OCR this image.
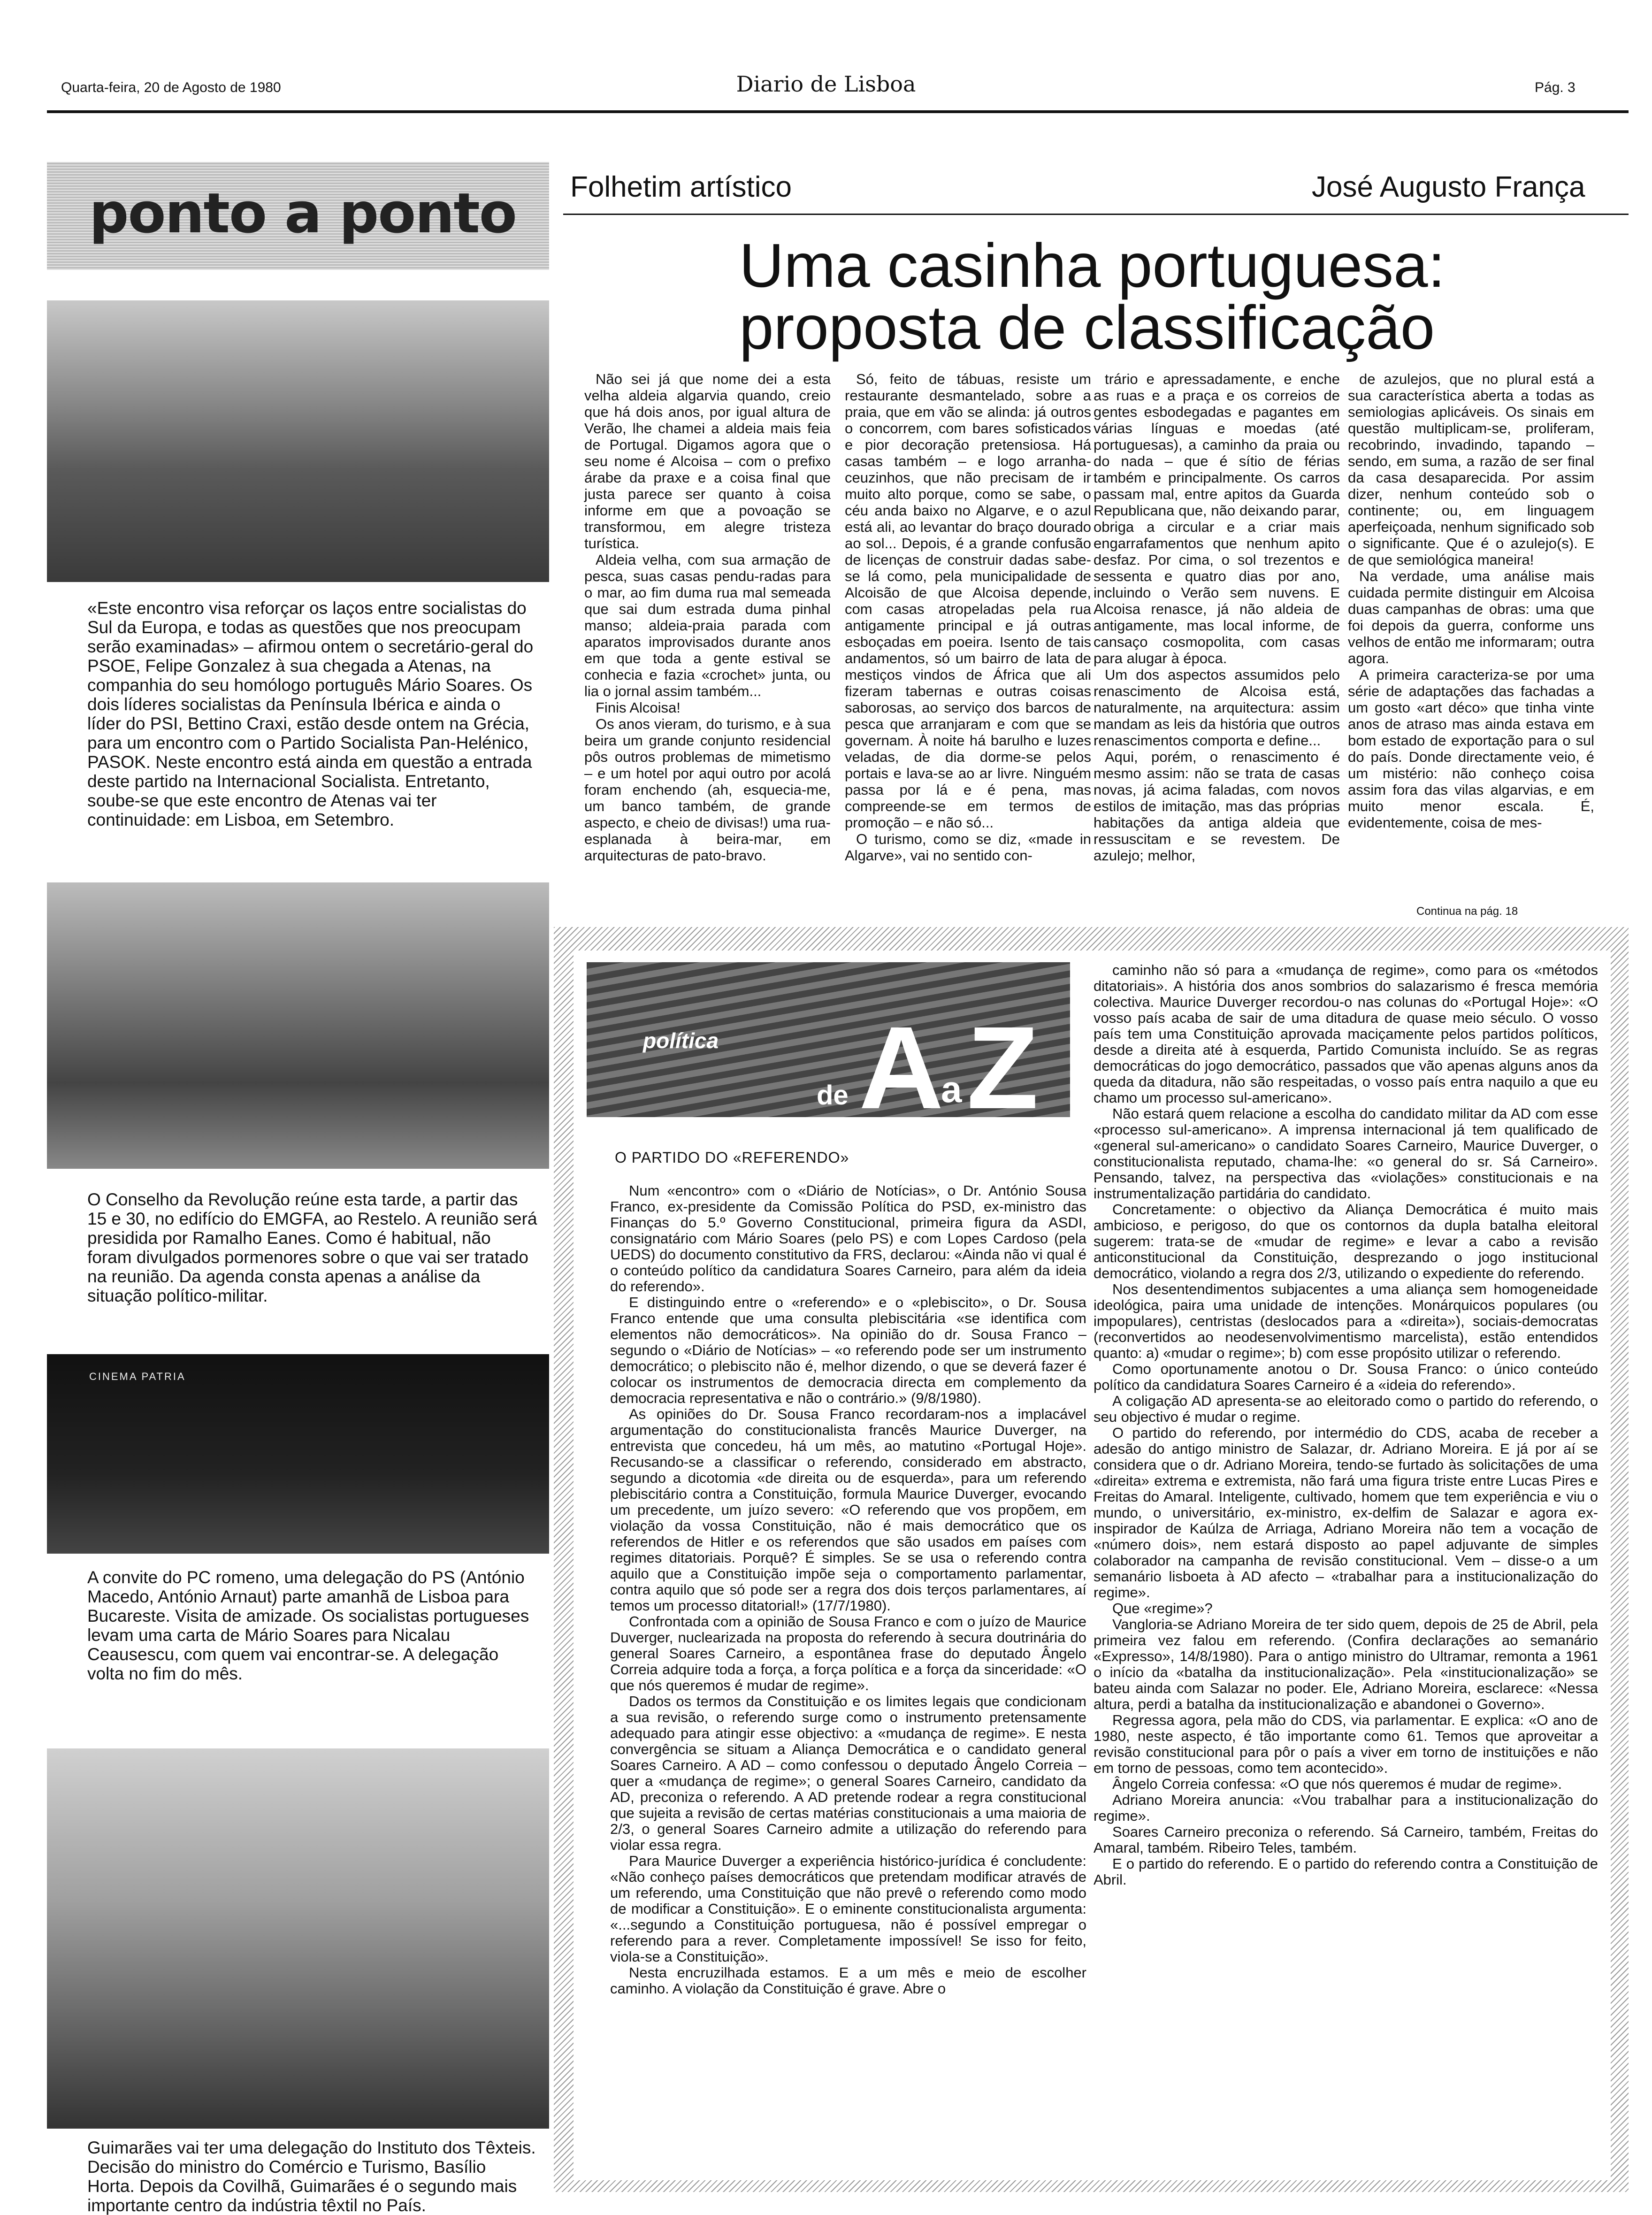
Quarta-feira, 20 de Agosto de 1980	Diario de Lisboa	Pág. 3
ponto a ponto
«Este encontro visa reforçar os laços entre socialistas do Sul da Europa, e todas as questões que nos preocupam serão examinadas» – afirmou ontem o secretário-geral do PSOE, Felipe Gonzalez à sua chegada a Atenas, na companhia do seu homólogo português Mário Soares. Os dois líderes socialistas da Península Ibérica e ainda o líder do PSI, Bettino Craxi, estão desde ontem na Grécia, para um encontro com o Partido Socialista Pan-Helénico, PASOK. Neste encontro está ainda em questão a entrada deste partido na Internacional Socialista. Entretanto, soube-se que este encontro de Atenas vai ter continuidade: em Lisboa, em Setembro.
O Conselho da Revolução reúne esta tarde, a partir das 15 e 30, no edifício do EMGFA, ao Restelo. A reunião será presidida por Ramalho Eanes. Como é habitual, não foram divulgados pormenores sobre o que vai ser tratado na reunião. Da agenda consta apenas a análise da situação político-militar.
CINEMA PATRIA
A convite do PC romeno, uma delegação do PS (António Macedo, António Arnaut) parte amanhã de Lisboa para Bucareste. Visita de amizade. Os socialistas portugueses levam uma carta de Mário Soares para Nicalau Ceausescu, com quem vai encontrar-se. A delegação volta no fim do mês.
Guimarães vai ter uma delegação do Instituto dos Têxteis. Decisão do ministro do Comércio e Turismo, Basílio Horta. Depois da Covilhã, Guimarães é o segundo mais importante centro da indústria têxtil no País.
Folhetim artístico	José Augusto França
Uma casinha portuguesa: proposta de classificação

Não sei já que nome dei a esta velha aldeia algarvia quando, creio que há dois anos, por igual altura de Verão, lhe chamei a aldeia mais feia de Portugal. Digamos agora que o seu nome é Alcoisa – com o prefixo árabe da praxe e a coisa final que justa parece ser quanto à coisa informe em que a povoação se transformou, em alegre tristeza turística.

Aldeia velha, com sua armação de pesca, suas casas pendu-radas para o mar, ao fim duma rua mal semeada que sai dum estrada duma pinhal manso; aldeia-praia parada com aparatos improvisados durante anos em que toda a gente estival se conhecia e fazia «crochet» junta, ou lia o jornal assim também...

Finis Alcoisa!

Os anos vieram, do turismo, e à sua beira um grande conjunto residencial pôs outros problemas de mimetismo – e um hotel por aqui outro por acolá foram enchendo (ah, esquecia-me, um banco também, de grande aspecto, e cheio de divisas!) uma rua-esplanada à beira-mar, em arquitecturas de pato-bravo.

Só, feito de tábuas, resiste um restaurante desmantelado, sobre a praia, que em vão se alinda: já outros o concorrem, com bares sofisticados e pior decoração pretensiosa. Há casas também – e logo arranha-ceuzinhos, que não precisam de ir muito alto porque, como se sabe, o céu anda baixo no Algarve, e o azul está ali, ao levantar do braço dourado ao sol... Depois, é a grande confusão de licenças de construir dadas sabe-se lá como, pela municipalidade de Alcoisão de que Alcoisa depende, com casas atropeladas pela rua antigamente principal e já outras esboçadas em poeira. Isento de tais andamentos, só um bairro de lata de mestiços vindos de África que ali fizeram tabernas e outras coisas saborosas, ao serviço dos barcos de pesca que arranjaram e com que se governam. À noite há barulho e luzes veladas, de dia dorme-se pelos portais e lava-se ao ar livre. Ninguém passa por lá e é pena, mas compreende-se em termos de promoção – e não só...

O turismo, como se diz, «made in Algarve», vai no sentido con-

trário e apressadamente, e enche as ruas e a praça e os correios de gentes esbodegadas e pagantes em várias línguas e moedas (até portuguesas), a caminho da praia ou do nada – que é sítio de férias também e principalmente. Os carros passam mal, entre apitos da Guarda Republicana que, não deixando parar, obriga a circular e a criar mais engarrafamentos que nenhum apito desfaz. Por cima, o sol trezentos e sessenta e quatro dias por ano, incluindo o Verão sem nuvens. E Alcoisa renasce, já não aldeia de antigamente, mas local informe, de cansaço cosmopolita, com casas para alugar à época.

Um dos aspectos assumidos pelo renascimento de Alcoisa está, naturalmente, na arquitectura: assim mandam as leis da história que outros renascimentos comporta e define...

Aqui, porém, o renascimento é mesmo assim: não se trata de casas novas, já acima faladas, com novos estilos de imitação, mas das próprias habitações da antiga aldeia que ressuscitam e se revestem. De azulejo; melhor,

de azulejos, que no plural está a sua característica aberta a todas as semiologias aplicáveis. Os sinais em questão multiplicam-se, proliferam, recobrindo, invadindo, tapando – sendo, em suma, a razão de ser final da casa desaparecida. Por assim dizer, nenhum conteúdo sob o continente; ou, em linguagem aperfeiçoada, nenhum significado sob o significante. Que é o azulejo(s). E de que semiológica maneira!

Na verdade, uma análise mais cuidada permite distinguir em Alcoisa duas campanhas de obras: uma que foi depois da guerra, conforme uns velhos de então me informaram; outra agora.

A primeira caracteriza-se por uma série de adaptações das fachadas a um gosto «art déco» que tinha vinte anos de atraso mas ainda estava em bom estado de exportação para o sul do país. Donde directamente veio, é um mistério: não conheço coisa assim fora das vilas algarvias, e em muito menor escala. É, evidentemente, coisa de mes-

Continua na pág. 18
política
de A
a Z
O PARTIDO DO «REFERENDO»

Num «encontro» com o «Diário de Notícias», o Dr. António Sousa Franco, ex-presidente da Comissão Política do PSD, ex-ministro das Finanças do 5.º Governo Constitucional, primeira figura da ASDI, consignatário com Mário Soares (pelo PS) e com Lopes Cardoso (pela UEDS) do documento constitutivo da FRS, declarou: «Ainda não vi qual é o conteúdo político da candidatura Soares Carneiro, para além da ideia do referendo».

E distinguindo entre o «referendo» e o «plebiscito», o Dr. Sousa Franco entende que uma consulta plebiscitária «se identifica com elementos não democráticos». Na opinião do dr. Sousa Franco – segundo o «Diário de Notícias» – «o referendo pode ser um instrumento democrático; o plebiscito não é, melhor dizendo, o que se deverá fazer é colocar os instrumentos de democracia directa em complemento da democracia representativa e não o contrário.» (9/8/1980).

As opiniões do Dr. Sousa Franco recordaram-nos a implacável argumentação do constitucionalista francês Maurice Duverger, na entrevista que concedeu, há um mês, ao matutino «Portugal Hoje». Recusando-se a classificar o referendo, considerado em abstracto, segundo a dicotomia «de direita ou de esquerda», para um referendo plebiscitário contra a Constituição, formula Maurice Duverger, evocando um precedente, um juízo severo: «O referendo que vos propõem, em violação da vossa Constituição, não é mais democrático que os referendos de Hitler e os referendos que são usados em países com regimes ditatoriais. Porquê? É simples. Se se usa o referendo contra aquilo que a Constituição impõe seja o comportamento parlamentar, contra aquilo que só pode ser a regra dos dois terços parlamentares, aí temos um processo ditatorial!» (17/7/1980).

Confrontada com a opinião de Sousa Franco e com o juízo de Maurice Duverger, nuclearizada na proposta do referendo à secura doutrinária do general Soares Carneiro, a espontânea frase do deputado Ângelo Correia adquire toda a força, a força política e a força da sinceridade: «O que nós queremos é mudar de regime».

Dados os termos da Constituição e os limites legais que condicionam a sua revisão, o referendo surge como o instrumento pretensamente adequado para atingir esse objectivo: a «mudança de regime». E nesta convergência se situam a Aliança Democrática e o candidato general Soares Carneiro. A AD – como confessou o deputado Ângelo Correia – quer a «mudança de regime»; o general Soares Carneiro, candidato da AD, preconiza o referendo. A AD pretende rodear a regra constitucional que sujeita a revisão de certas matérias constitucionais a uma maioria de 2/3, o general Soares Carneiro admite a utilização do referendo para violar essa regra.

Para Maurice Duverger a experiência histórico-jurídica é concludente: «Não conheço países democráticos que pretendam modificar através de um referendo, uma Constituição que não prevê o referendo como modo de modificar a Constituição». E o eminente constitucionalista argumenta: «...segundo a Constituição portuguesa, não é possível empregar o referendo para a rever. Completamente impossível! Se isso for feito, viola-se a Constituição».

Nesta encruzilhada estamos. E a um mês e meio de escolher caminho. A violação da Constituição é grave. Abre o

caminho não só para a «mudança de regime», como para os «métodos ditatoriais». A história dos anos sombrios do salazarismo é fresca memória colectiva. Maurice Duverger recordou-o nas colunas do «Portugal Hoje»: «O vosso país acaba de sair de uma ditadura de quase meio século. O vosso país tem uma Constituição aprovada maciçamente pelos partidos políticos, desde a direita até à esquerda, Partido Comunista incluído. Se as regras democráticas do jogo democrático, passados que vão apenas alguns anos da queda da ditadura, não são respeitadas, o vosso país entra naquilo a que eu chamo um processo sul-americano».

Não estará quem relacione a escolha do candidato militar da AD com esse «processo sul-americano». A imprensa internacional já tem qualificado de «general sul-americano» o candidato Soares Carneiro, Maurice Duverger, o constitucionalista reputado, chama-lhe: «o general do sr. Sá Carneiro». Pensando, talvez, na perspectiva das «violações» constitucionais e na instrumentalização partidária do candidato.

Concretamente: o objectivo da Aliança Democrática é muito mais ambicioso, e perigoso, do que os contornos da dupla batalha eleitoral sugerem: trata-se de «mudar de regime» e levar a cabo a revisão anticonstitucional da Constituição, desprezando o jogo institucional democrático, violando a regra dos 2/3, utilizando o expediente do referendo.

Nos desentendimentos subjacentes a uma aliança sem homogeneidade ideológica, paira uma unidade de intenções. Monárquicos populares (ou impopulares), centristas (deslocados para a «direita»), sociais-democratas (reconvertidos ao neodesenvolvimentismo marcelista), estão entendidos quanto: a) «mudar o regime»; b) com esse propósito utilizar o referendo.

Como oportunamente anotou o Dr. Sousa Franco: o único conteúdo político da candidatura Soares Carneiro é a «ideia do referendo».

A coligação AD apresenta-se ao eleitorado como o partido do referendo, o seu objectivo é mudar o regime.

O partido do referendo, por intermédio do CDS, acaba de receber a adesão do antigo ministro de Salazar, dr. Adriano Moreira. E já por aí se considera que o dr. Adriano Moreira, tendo-se furtado às solicitações de uma «direita» extrema e extremista, não fará uma figura triste entre Lucas Pires e Freitas do Amaral. Inteligente, cultivado, homem que tem experiência e viu o mundo, o universitário, ex-ministro, ex-delfim de Salazar e agora ex-inspirador de Kaúlza de Arriaga, Adriano Moreira não tem a vocação de «número dois», nem estará disposto ao papel adjuvante de simples colaborador na campanha de revisão constitucional. Vem – disse-o a um semanário lisboeta à AD afecto – «trabalhar para a institucionalização do regime».

Que «regime»?

Vangloria-se Adriano Moreira de ter sido quem, depois de 25 de Abril, pela primeira vez falou em referendo. (Confira declarações ao semanário «Expresso», 14/8/1980). Para o antigo ministro do Ultramar, remonta a 1961 o início da «batalha da institucionalização». Pela «institucionalização» se bateu ainda com Salazar no poder. Ele, Adriano Moreira, esclarece: «Nessa altura, perdi a batalha da institucionalização e abandonei o Governo».

Regressa agora, pela mão do CDS, via parlamentar. E explica: «O ano de 1980, neste aspecto, é tão importante como 61. Temos que aproveitar a revisão constitucional para pôr o país a viver em torno de instituições e não em torno de pessoas, como tem acontecido».

Ângelo Correia confessa: «O que nós queremos é mudar de regime».

Adriano Moreira anuncia: «Vou trabalhar para a institucionalização do regime».

Soares Carneiro preconiza o referendo. Sá Carneiro, também, Freitas do Amaral, também. Ribeiro Teles, também.

E o partido do referendo. E o partido do referendo contra a Constituição de Abril.
